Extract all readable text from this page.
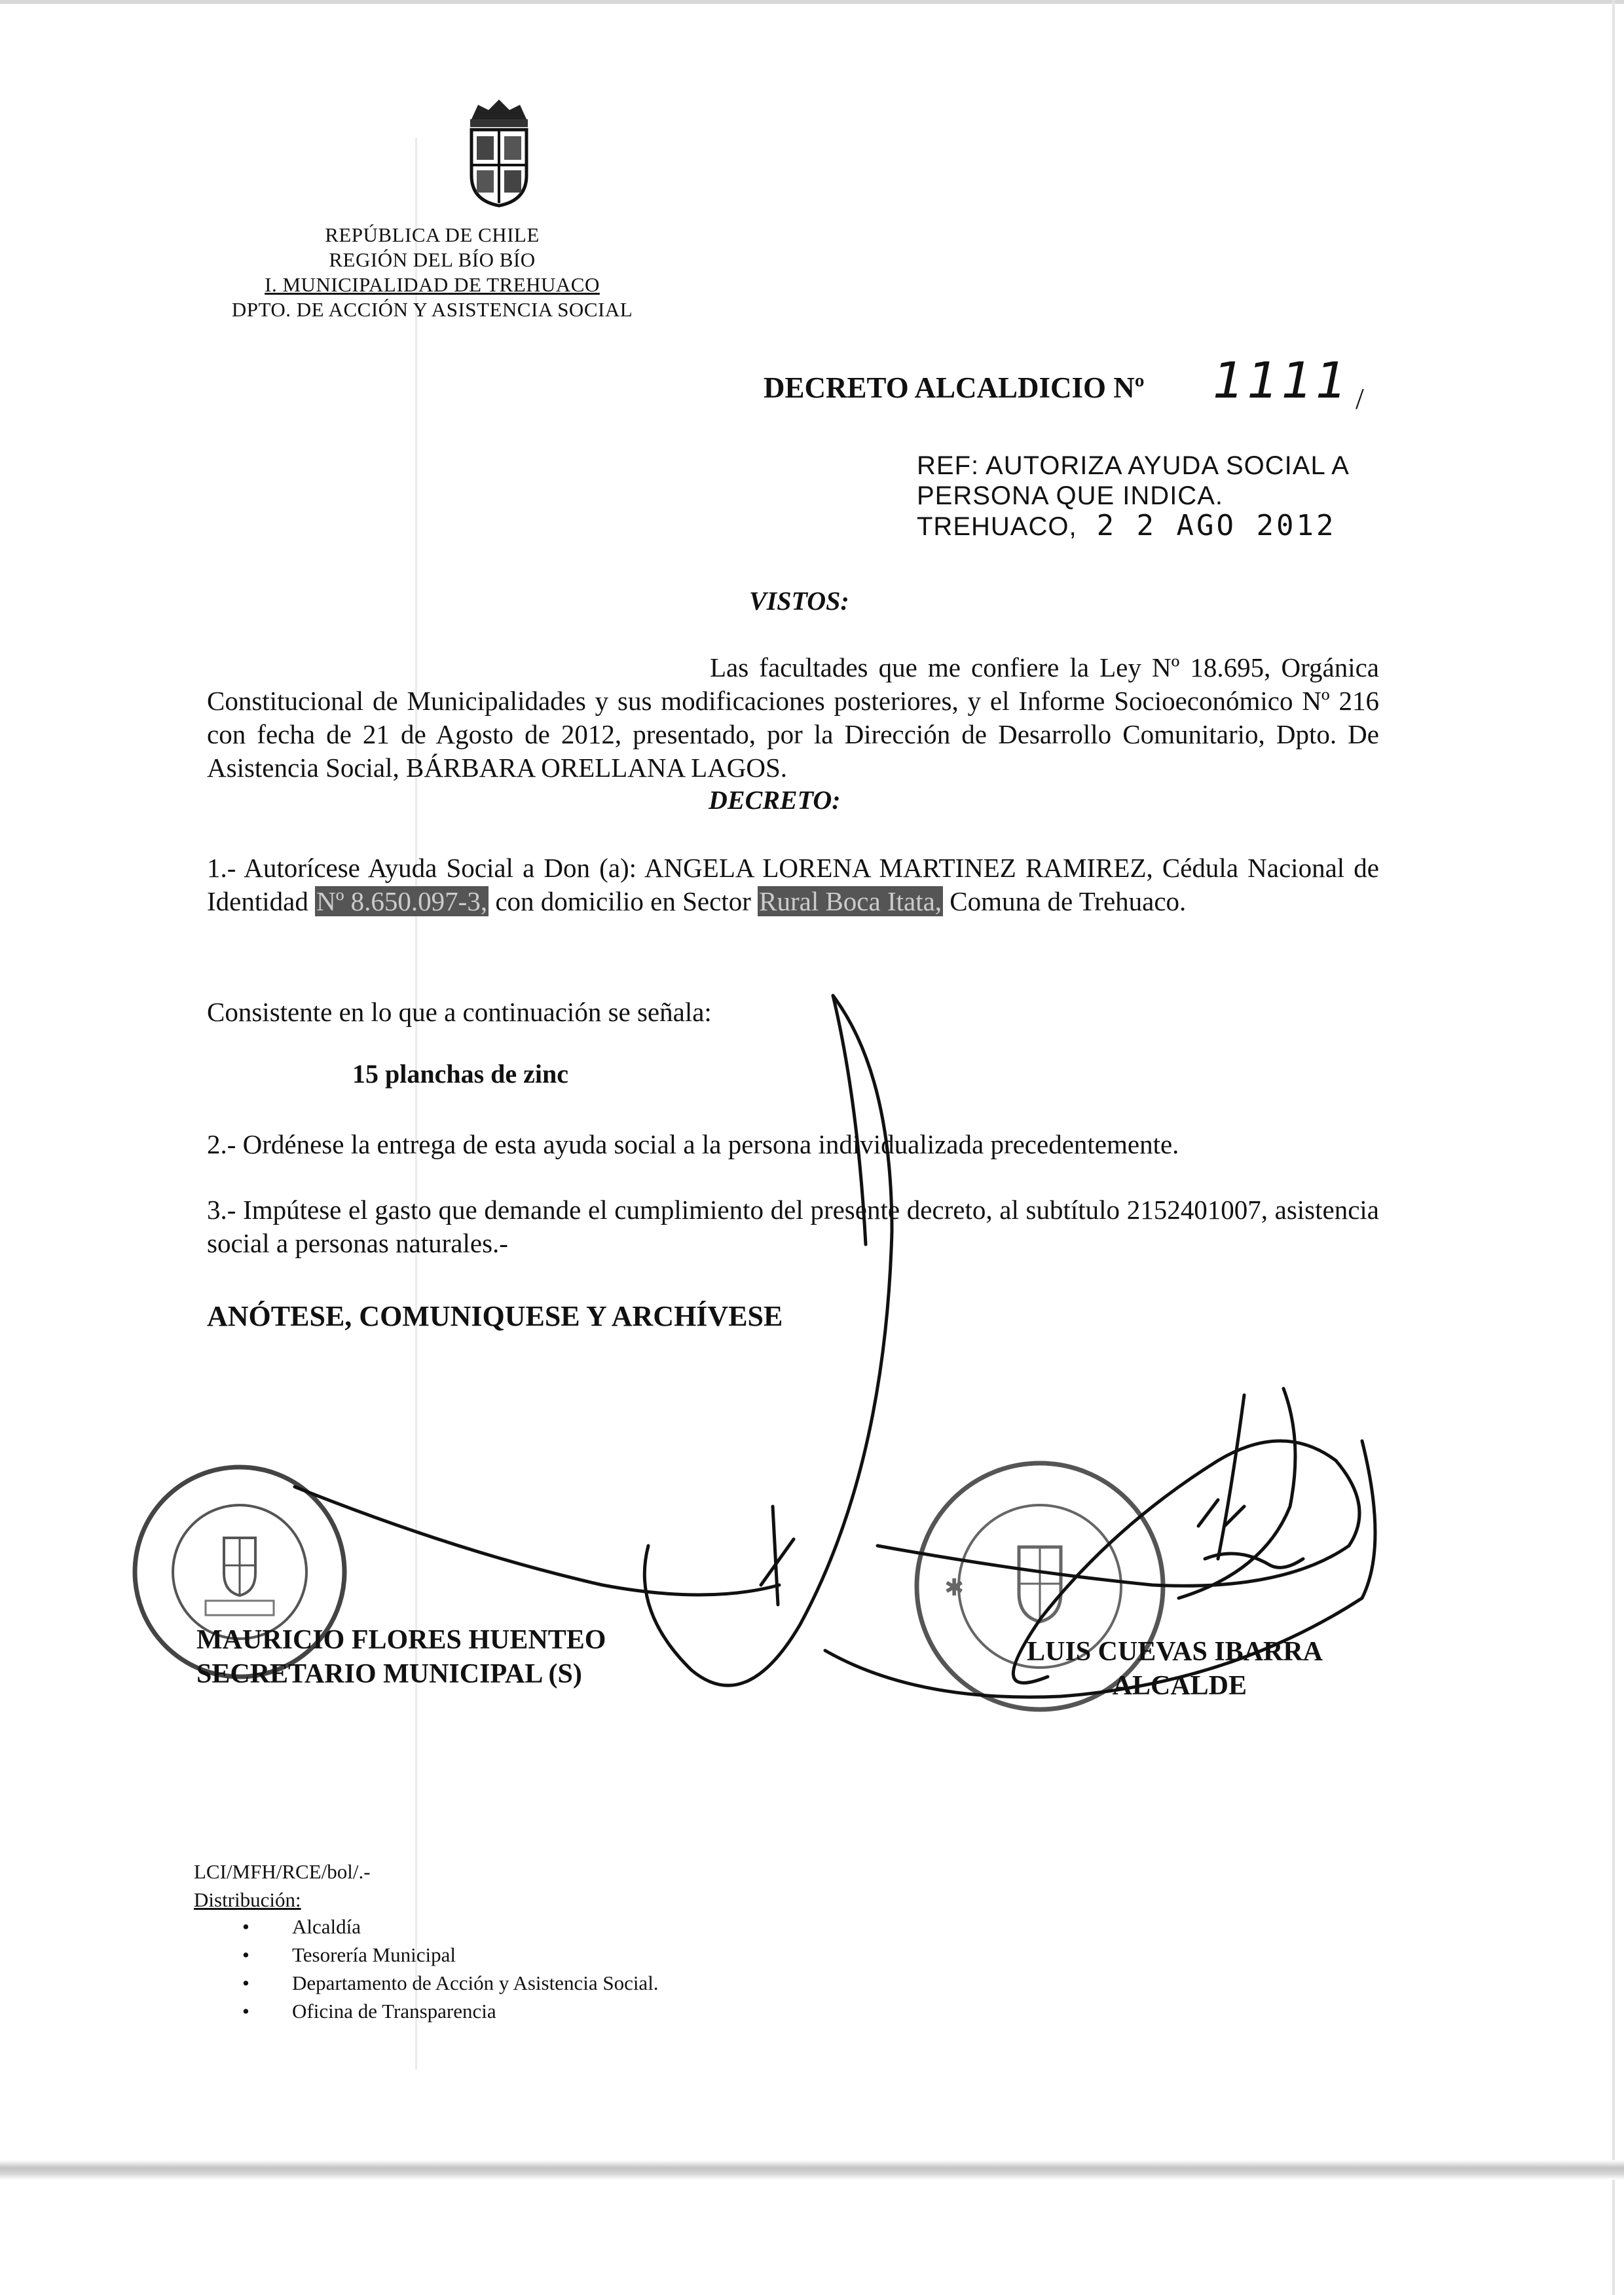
REPÚBLICA DE CHILE
REGIÓN DEL BÍO BÍO
I. MUNICIPALIDAD DE TREHUACO
DPTO. DE ACCIÓN Y ASISTENCIA SOCIAL
DECRETO ALCALDICIO Nº 1111 /
REF: AUTORIZA AYUDA SOCIAL A
PERSONA QUE INDICA.
TREHUACO, 2 2 AGO 2012
VISTOS:
Las facultades que me confiere la Ley Nº 18.695, Orgánica Constitucional de Municipalidades y sus modificaciones posteriores, y el Informe Socioeconómico Nº 216 con fecha de 21 de Agosto de 2012, presentado, por la Dirección de Desarrollo Comunitario, Dpto. De Asistencia Social, BÁRBARA ORELLANA LAGOS.
DECRETO:
1.- Autorícese Ayuda Social a Don (a): ANGELA LORENA MARTINEZ RAMIREZ, Cédula Nacional de Identidad Nº 8.650.097-3, con domicilio en Sector Rural Boca Itata, Comuna de Trehuaco.
Consistente en lo que a continuación se señala:
15 planchas de zinc
2.- Ordénese la entrega de esta ayuda social a la persona individualizada precedentemente.
3.- Impútese el gasto que demande el cumplimiento del presente decreto, al subtítulo 2152401007, asistencia social a personas naturales.-
ANÓTESE, COMUNIQUESE Y ARCHÍVESE
✱
MAURICIO FLORES HUENTEO
SECRETARIO MUNICIPAL (S)
LUIS CUEVAS IBARRA
ALCALDE
LCI/MFH/RCE/bol/.-
Distribución:
• Alcaldía
• Tesorería Municipal
• Departamento de Acción y Asistencia Social.
• Oficina de Transparencia
